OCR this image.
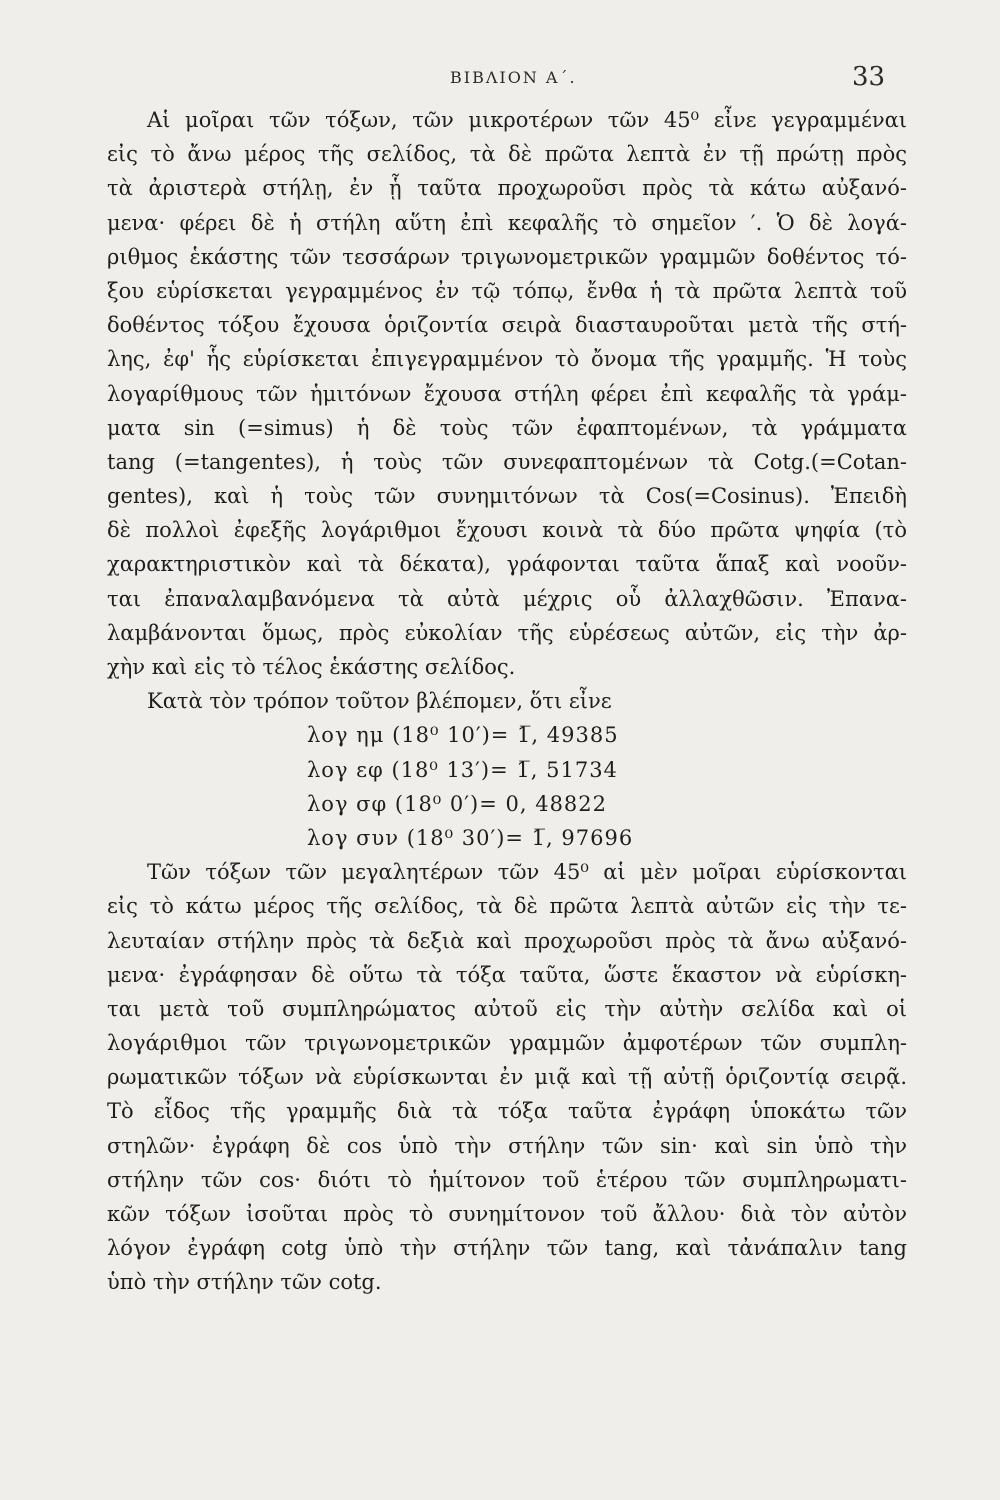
ΒΙΒΛΙΟΝ Α΄.	33
Αἱ μοῖραι τῶν τόξων, τῶν μικροτέρων τῶν 45⁰ εἶνε γεγραμμέναι
εἰς τὸ ἄνω μέρος τῆς σελίδος, τὰ δὲ πρῶτα λεπτὰ ἐν τῇ πρώτῃ πρὸς
τὰ ἀριστερὰ στήλῃ, ἐν ᾗ ταῦτα προχωροῦσι πρὸς τὰ κάτω αὐξανό-
μενα· φέρει δὲ ἡ στήλη αὕτη ἐπὶ κεφαλῆς τὸ σημεῖον ′. Ὁ δὲ λογά-
ριθμος ἑκάστης τῶν τεσσάρων τριγωνομετρικῶν γραμμῶν δοθέντος τό-
ξου εὑρίσκεται γεγραμμένος ἐν τῷ τόπῳ, ἔνθα ἡ τὰ πρῶτα λεπτὰ τοῦ
δοθέντος τόξου ἔχουσα ὁριζοντία σειρὰ διασταυροῦται μετὰ τῆς στή-
λης, ἐφ' ἧς εὑρίσκεται ἐπιγεγραμμένον τὸ ὄνομα τῆς γραμμῆς. Ἡ τοὺς
λογαρίθμους τῶν ἡμιτόνων ἔχουσα στήλη φέρει ἐπὶ κεφαλῆς τὰ γράμ-
ματα sin (=simus) ἡ δὲ τοὺς τῶν ἐφαπτομένων, τὰ γράμματα
tang (=tangentes), ἡ τοὺς τῶν συνεφαπτομένων τὰ Cotg.(=Cotan-
gentes), καὶ ἡ τοὺς τῶν συνημιτόνων τὰ Cos(=Cosinus). Ἐπειδὴ
δὲ πολλοὶ ἐφεξῆς λογάριθμοι ἔχουσι κοινὰ τὰ δύο πρῶτα ψηφία (τὸ
χαρακτηριστικὸν καὶ τὰ δέκατα), γράφονται ταῦτα ἅπαξ καὶ νοοῦν-
ται ἐπαναλαμβανόμενα τὰ αὐτὰ μέχρις οὗ ἀλλαχθῶσιν. Ἐπανα-
λαμβάνονται ὅμως, πρὸς εὐκολίαν τῆς εὑρέσεως αὐτῶν, εἰς τὴν ἀρ-
χὴν καὶ εἰς τὸ τέλος ἑκάστης σελίδος.
Κατὰ τὸν τρόπον τοῦτον βλέπομεν, ὅτι εἶνε
λογ ημ (18⁰ 10′)= 1̅, 49385
λογ εφ (18⁰ 13′)= 1̅, 51734
λογ σφ (18⁰ 0′)= 0, 48822
λογ συν (18⁰ 30′)= 1̅, 97696
Τῶν τόξων τῶν μεγαλητέρων τῶν 45⁰ αἱ μὲν μοῖραι εὑρίσκονται
εἰς τὸ κάτω μέρος τῆς σελίδος, τὰ δὲ πρῶτα λεπτὰ αὐτῶν εἰς τὴν τε-
λευταίαν στήλην πρὸς τὰ δεξιὰ καὶ προχωροῦσι πρὸς τὰ ἄνω αὐξανό-
μενα· ἐγράφησαν δὲ οὕτω τὰ τόξα ταῦτα, ὥστε ἕκαστον νὰ εὑρίσκη-
ται μετὰ τοῦ συμπληρώματος αὐτοῦ εἰς τὴν αὐτὴν σελίδα καὶ οἱ
λογάριθμοι τῶν τριγωνομετρικῶν γραμμῶν ἀμφοτέρων τῶν συμπλη-
ρωματικῶν τόξων νὰ εὑρίσκωνται ἐν μιᾷ καὶ τῇ αὐτῇ ὁριζοντίᾳ σειρᾷ.
Τὸ εἶδος τῆς γραμμῆς διὰ τὰ τόξα ταῦτα ἐγράφη ὑποκάτω τῶν
στηλῶν· ἐγράφη δὲ cos ὑπὸ τὴν στήλην τῶν sin· καὶ sin ὑπὸ τὴν
στήλην τῶν cos· διότι τὸ ἡμίτονον τοῦ ἑτέρου τῶν συμπληρωματι-
κῶν τόξων ἰσοῦται πρὸς τὸ συνημίτονον τοῦ ἄλλου· διὰ τὸν αὐτὸν
λόγον ἐγράφη cotg ὑπὸ τὴν στήλην τῶν tang, καὶ τἀνάπαλιν tang
ὑπὸ τὴν στήλην τῶν cotg.
